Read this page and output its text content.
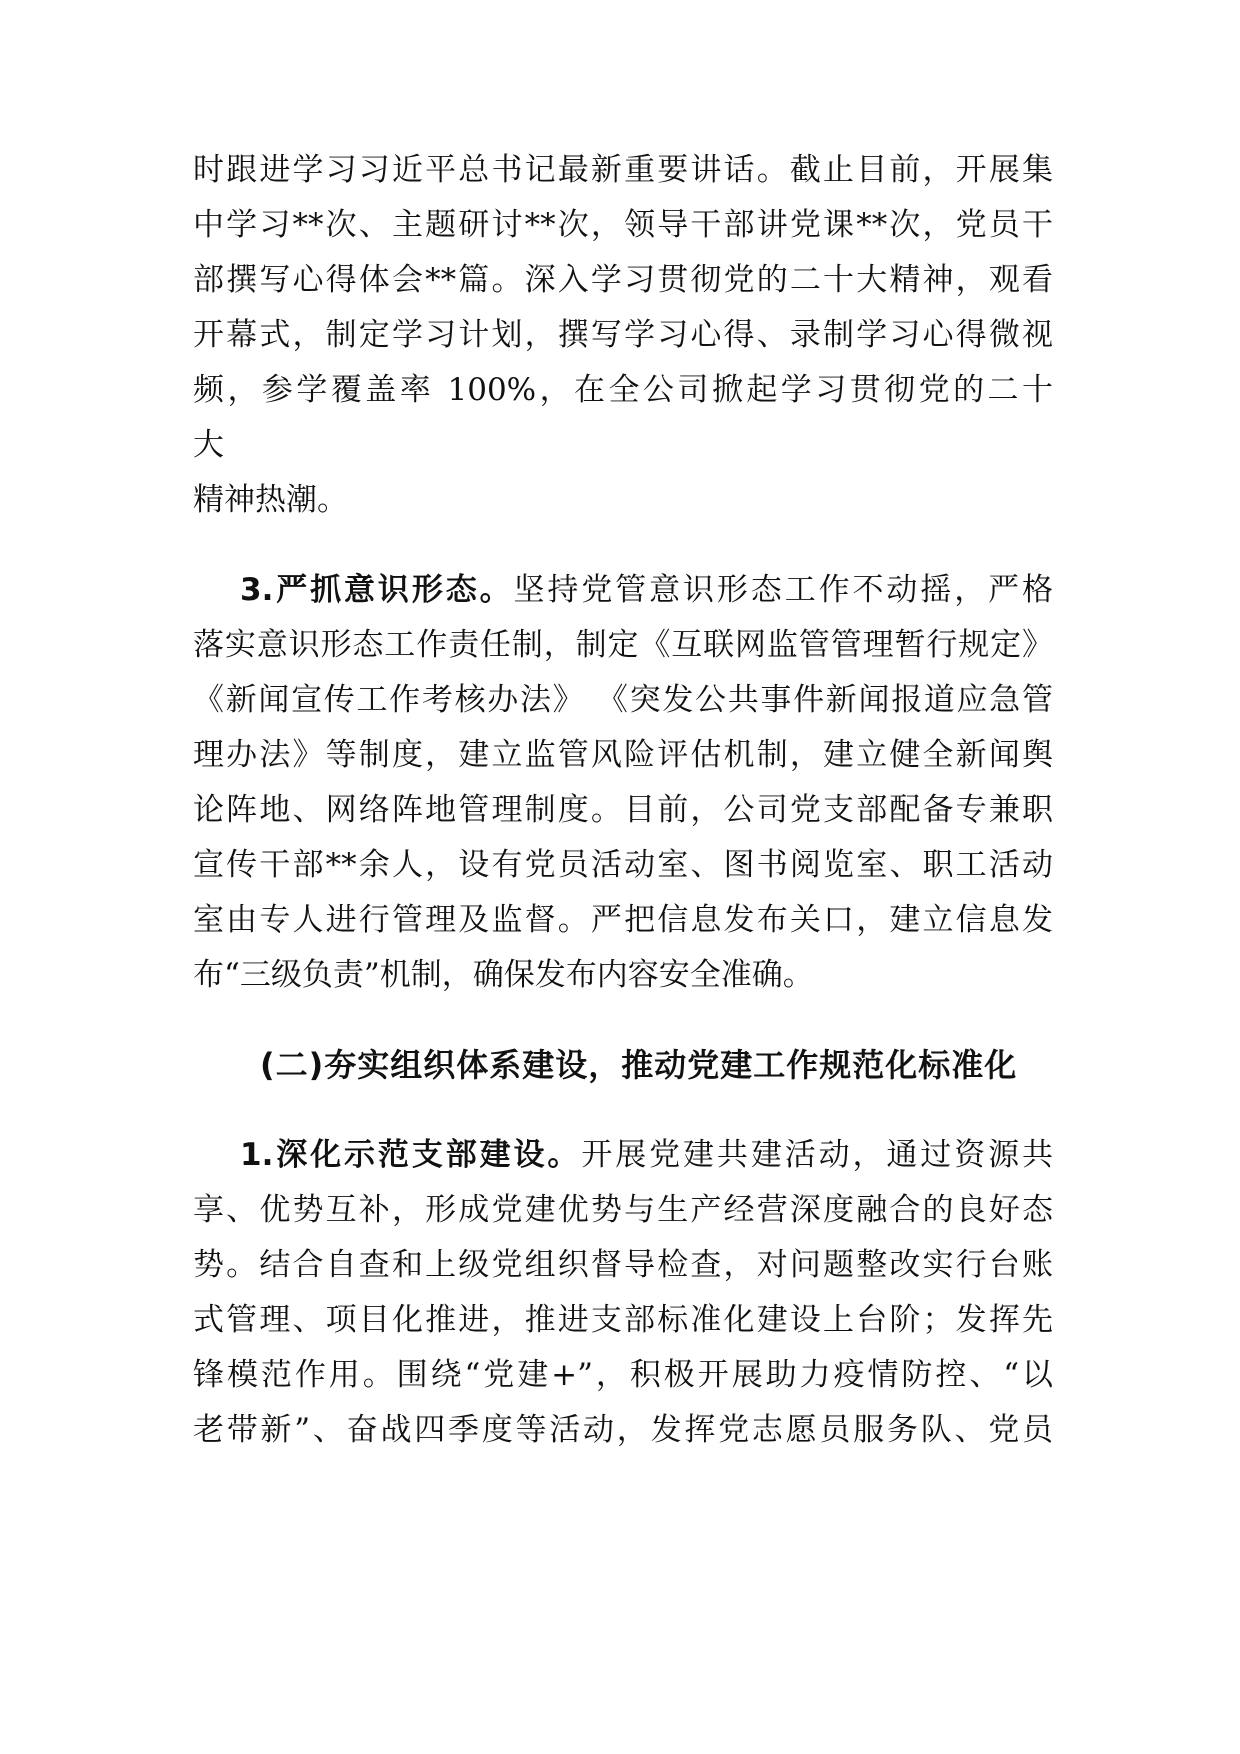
时跟进学习习近平总书记最新重要讲话。截止目前，开展集
中学习**次、主题研讨**次，领导干部讲党课**次，党员干
部撰写心得体会**篇。深入学习贯彻党的二十大精神，观看
开幕式，制定学习计划，撰写学习心得、录制学习心得微视
频，参学覆盖率 100%，在全公司掀起学习贯彻党的二十
大
精神热潮。
3.严抓意识形态。坚持党管意识形态工作不动摇，严格
落实意识形态工作责任制，制定《互联网监管管理暂行规定》
《新闻宣传工作考核办法》 《突发公共事件新闻报道应急管
理办法》等制度，建立监管风险评估机制，建立健全新闻舆
论阵地、网络阵地管理制度。目前，公司党支部配备专兼职
宣传干部**余人，设有党员活动室、图书阅览室、职工活动
室由专人进行管理及监督。严把信息发布关口，建立信息发
布“三级负责”机制，确保发布内容安全准确。
(二)夯实组织体系建设，推动党建工作规范化标准化
1.深化示范支部建设。开展党建共建活动，通过资源共
享、优势互补，形成党建优势与生产经营深度融合的良好态
势。结合自查和上级党组织督导检查，对问题整改实行台账
式管理、项目化推进，推进支部标准化建设上台阶；发挥先
锋模范作用。围绕“党建+”，积极开展助力疫情防控、“以
老带新”、奋战四季度等活动，发挥党志愿员服务队、党员
